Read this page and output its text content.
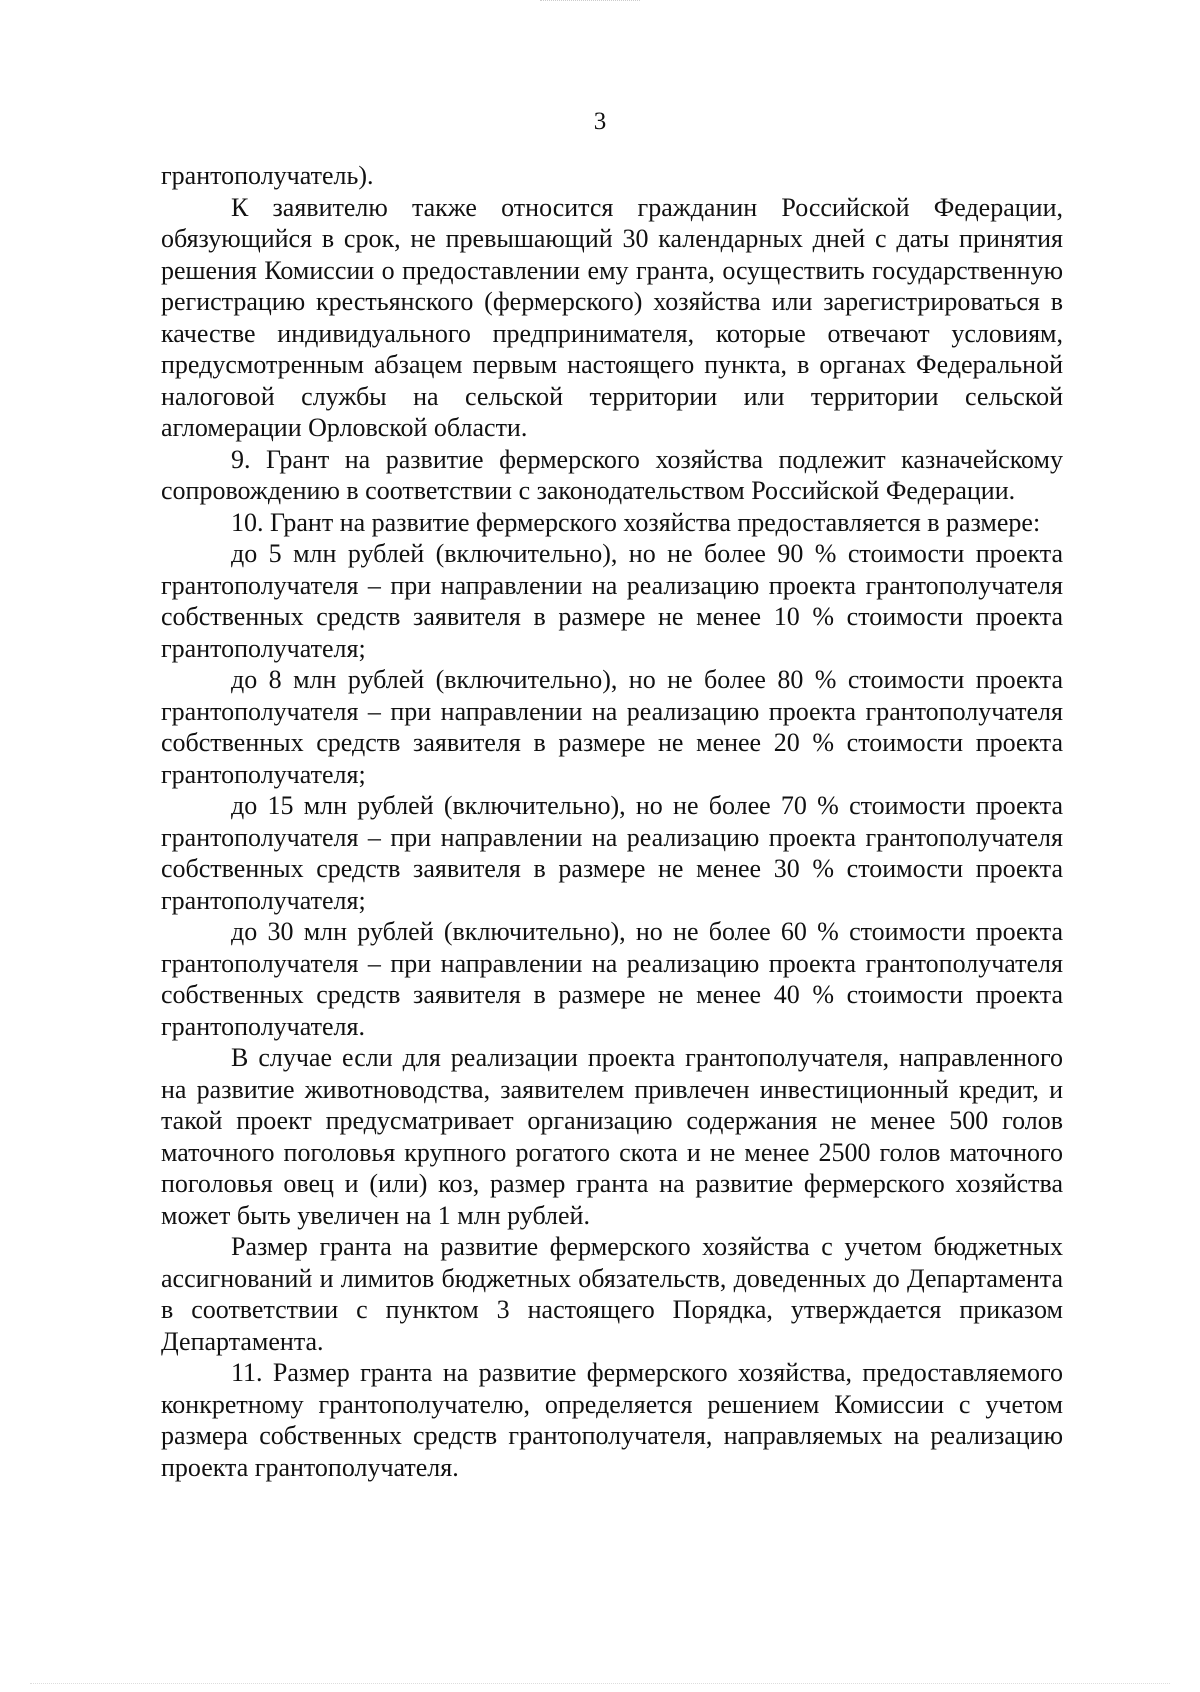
3

грантополучатель).

К заявителю также относится гражданин Российской Федерации, обязующийся в срок, не превышающий 30 календарных дней с даты принятия решения Комиссии о предоставлении ему гранта, осуществить государственную регистрацию крестьянского (фермерского) хозяйства или зарегистрироваться в качестве индивидуального предпринимателя, которые отвечают условиям, предусмотренным абзацем первым настоящего пункта, в органах Федеральной налоговой службы на сельской территории или территории сельской агломерации Орловской области.

9. Грант на развитие фермерского хозяйства подлежит казначейскому сопровождению в соответствии с законодательством Российской Федерации.

10. Грант на развитие фермерского хозяйства предоставляется в размере:

до 5 млн рублей (включительно), но не более 90 % стоимости проекта грантополучателя – при направлении на реализацию проекта грантополучателя собственных средств заявителя в размере не менее 10 % стоимости проекта грантополучателя;

до 8 млн рублей (включительно), но не более 80 % стоимости проекта грантополучателя – при направлении на реализацию проекта грантополучателя собственных средств заявителя в размере не менее 20 % стоимости проекта грантополучателя;

до 15 млн рублей (включительно), но не более 70 % стоимости проекта грантополучателя – при направлении на реализацию проекта грантополучателя собственных средств заявителя в размере не менее 30 % стоимости проекта грантополучателя;

до 30 млн рублей (включительно), но не более 60 % стоимости проекта грантополучателя – при направлении на реализацию проекта грантополучателя собственных средств заявителя в размере не менее 40 % стоимости проекта грантополучателя.

В случае если для реализации проекта грантополучателя, направленного на развитие животноводства, заявителем привлечен инвестиционный кредит, и такой проект предусматривает организацию содержания не менее 500 голов маточного поголовья крупного рогатого скота и не менее 2500 голов маточного поголовья овец и (или) коз, размер гранта на развитие фермерского хозяйства может быть увеличен на 1 млн рублей.

Размер гранта на развитие фермерского хозяйства с учетом бюджетных ассигнований и лимитов бюджетных обязательств, доведенных до Департамента в соответствии с пунктом 3 настоящего Порядка, утверждается приказом Департамента.

11. Размер гранта на развитие фермерского хозяйства, предоставляемого конкретному грантополучателю, определяется решением Комиссии с учетом размера собственных средств грантополучателя, направляемых на реализацию проекта грантополучателя.
